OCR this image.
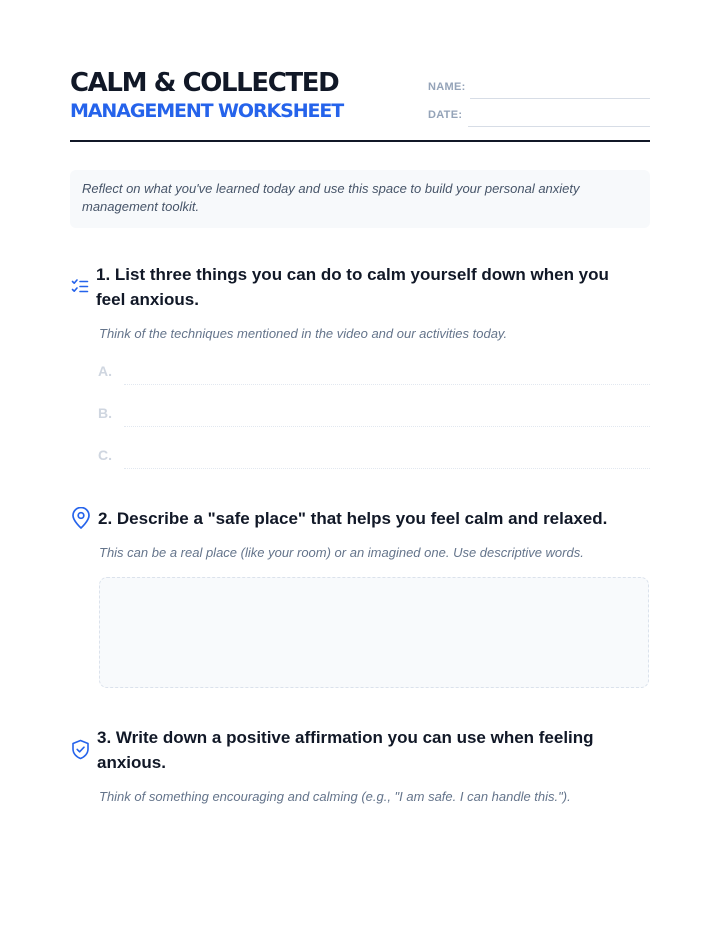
CALM & COLLECTED
MANAGEMENT WORKSHEET
NAME:
DATE:
Reflect on what you've learned today and use this space to build your personal anxiety management toolkit.
1. List three things you can do to calm yourself down when you feel anxious.
Think of the techniques mentioned in the video and our activities today.
A.
B.
C.
2. Describe a "safe place" that helps you feel calm and relaxed.
This can be a real place (like your room) or an imagined one. Use descriptive words.
3. Write down a positive affirmation you can use when feeling anxious.
Think of something encouraging and calming (e.g., "I am safe. I can handle this.").
